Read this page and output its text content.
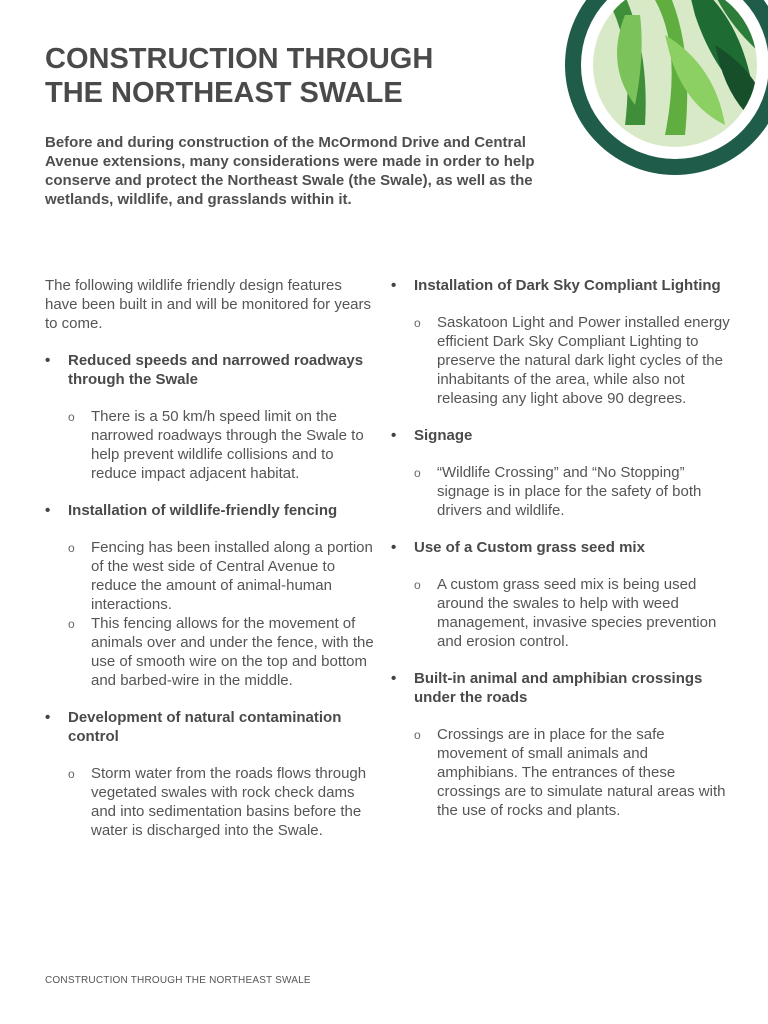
CONSTRUCTION THROUGH
THE NORTHEAST SWALE

Before and during construction of the McOrmond Drive and Central Avenue extensions, many considerations were made in order to help conserve and protect the Northeast Swale (the Swale), as well as the wetlands, wildlife, and grasslands within it.

The following wildlife friendly design features have been built in and will be monitored for years to come.

• Reduced speeds and narrowed roadways through the Swale
o There is a 50 km/h speed limit on the narrowed roadways through the Swale to help prevent wildlife collisions and to reduce impact adjacent habitat.
• Installation of wildlife-friendly fencing
o Fencing has been installed along a portion of the west side of Central Avenue to reduce the amount of animal-human interactions.
o This fencing allows for the movement of animals over and under the fence, with the use of smooth wire on the top and bottom and barbed-wire in the middle.
• Development of natural contamination control
o Storm water from the roads flows through vegetated swales with rock check dams and into sedimentation basins before the water is discharged into the Swale.
• Installation of Dark Sky Compliant Lighting
o Saskatoon Light and Power installed energy efficient Dark Sky Compliant Lighting to preserve the natural dark light cycles of the inhabitants of the area, while also not releasing any light above 90 degrees.
• Signage
o “Wildlife Crossing” and “No Stopping” signage is in place for the safety of both drivers and wildlife.
• Use of a Custom grass seed mix
o A custom grass seed mix is being used around the swales to help with weed management, invasive species prevention and erosion control.
• Built-in animal and amphibian crossings under the roads
o Crossings are in place for the safe movement of small animals and amphibians. The entrances of these crossings are to simulate natural areas with the use of rocks and plants.
CONSTRUCTION THROUGH THE NORTHEAST SWALE
